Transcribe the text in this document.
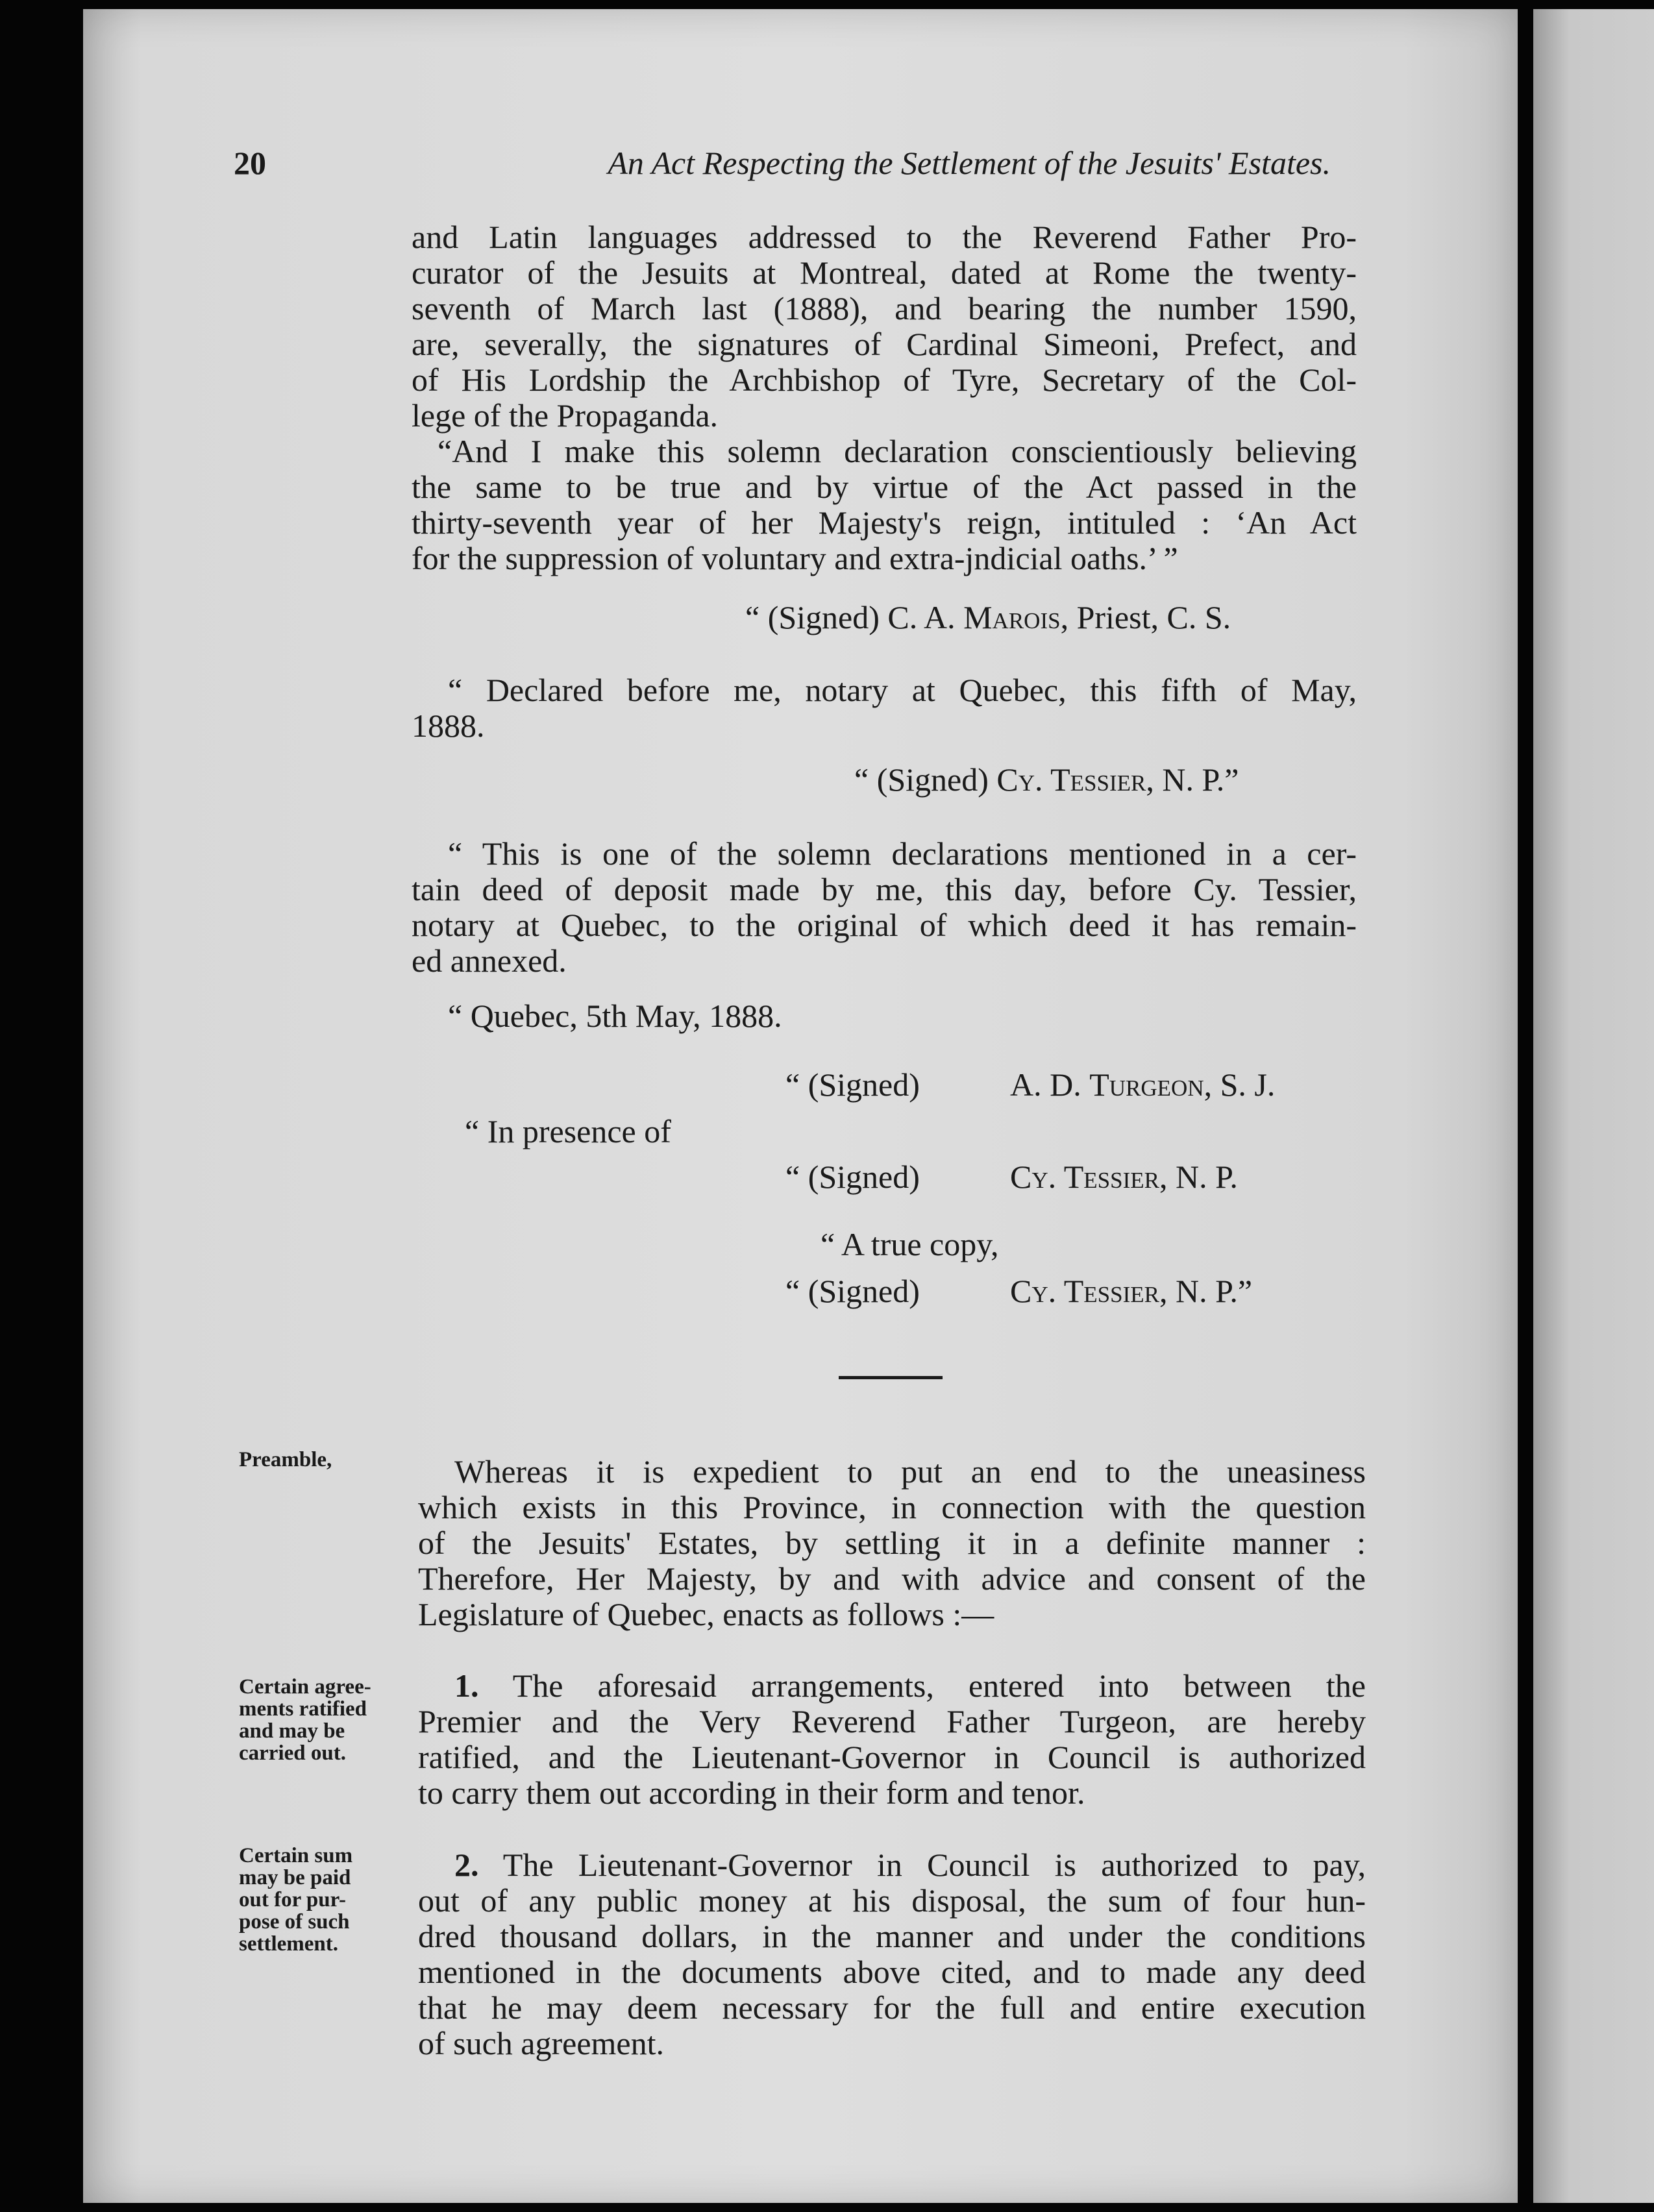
20	An Act Respecting the Settlement of the Jesuits' Estates.
and Latin languages addressed to the Reverend Father Pro-
curator of the Jesuits at Montreal, dated at Rome the twenty-
seventh of March last (1888), and bearing the number 1590,
are, severally, the signatures of Cardinal Simeoni, Prefect, and
of His Lordship the Archbishop of Tyre, Secretary of the Col-
lege of the Propaganda.
“And I make this solemn declaration conscientiously believing
the same to be true and by virtue of the Act passed in the
thirty-seventh year of her Majesty's reign, intituled : ‘An Act
for the suppression of voluntary and extra-jndicial oaths.’ ”

“ (Signed) C. A. Marois, Priest, C. S.

“ Declared before me, notary at Quebec, this fifth of May,
1888.

“ (Signed) Cy. Tessier, N. P.”

“ This is one of the solemn declarations mentioned in a cer-
tain deed of deposit made by me, this day, before Cy. Tessier,
notary at Quebec, to the original of which deed it has remain-
ed annexed.

“ Quebec, 5th May, 1888.

“ (Signed)	A. D. Turgeon, S. J.

“ In presence of

“ (Signed)	Cy. Tessier, N. P.

“ A true copy,

“ (Signed)	Cy. Tessier, N. P.”

Preamble,	Whereas it is expedient to put an end to the uneasiness
which exists in this Province, in connection with the question
of the Jesuits' Estates, by settling it in a definite manner :
Therefore, Her Majesty, by and with advice and consent of the
Legislature of Quebec, enacts as follows :—
Certain agree-
ments ratified
and may be
carried out.
1. The aforesaid arrangements, entered into between the
Premier and the Very Reverend Father Turgeon, are hereby
ratified, and the Lieutenant-Governor in Council is authorized
to carry them out according in their form and tenor.
Certain sum
may be paid
out for pur-
pose of such
settlement.
2. The Lieutenant-Governor in Council is authorized to pay,
out of any public money at his disposal, the sum of four hun-
dred thousand dollars, in the manner and under the conditions
mentioned in the documents above cited, and to made any deed
that he may deem necessary for the full and entire execution
of such agreement.
